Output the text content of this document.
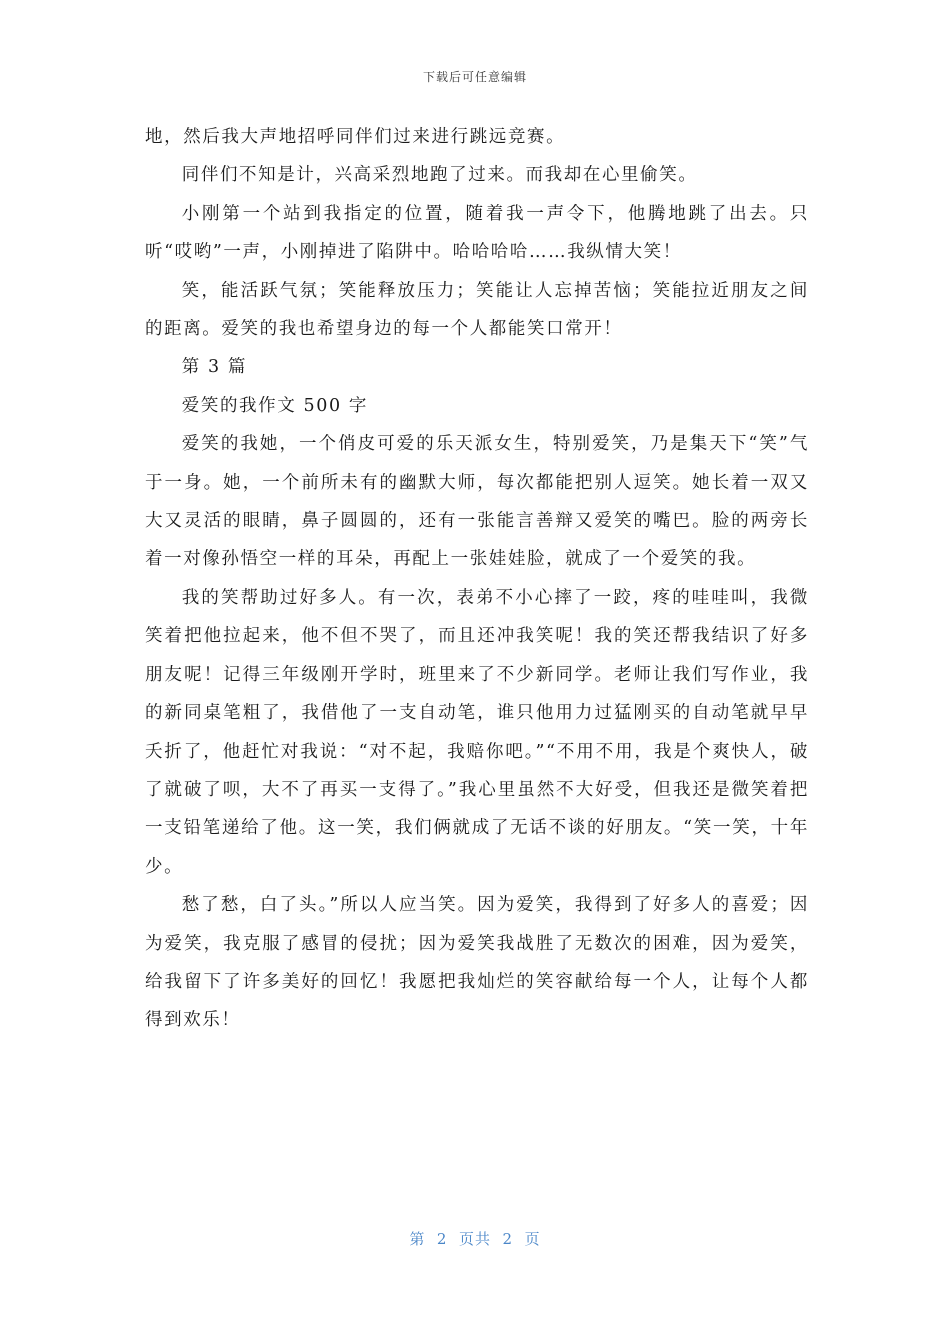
下载后可任意编辑

地，然后我大声地招呼同伴们过来进行跳远竞赛。

同伴们不知是计，兴高采烈地跑了过来。而我却在心里偷笑。

小刚第一个站到我指定的位置，随着我一声令下，他腾地跳了出去。只听“哎哟”一声，小刚掉进了陷阱中。哈哈哈哈……我纵情大笑！

笑，能活跃气氛；笑能释放压力；笑能让人忘掉苦恼；笑能拉近朋友之间的距离。爱笑的我也希望身边的每一个人都能笑口常开！

第 3 篇

爱笑的我作文 500 字

爱笑的我她，一个俏皮可爱的乐天派女生，特别爱笑，乃是集天下“笑”气于一身。她，一个前所未有的幽默大师，每次都能把别人逗笑。她长着一双又大又灵活的眼睛，鼻子圆圆的，还有一张能言善辩又爱笑的嘴巴。脸的两旁长着一对像孙悟空一样的耳朵，再配上一张娃娃脸，就成了一个爱笑的我。

我的笑帮助过好多人。有一次，表弟不小心摔了一跤，疼的哇哇叫，我微笑着把他拉起来，他不但不哭了，而且还冲我笑呢！我的笑还帮我结识了好多朋友呢！记得三年级刚开学时，班里来了不少新同学。老师让我们写作业，我的新同桌笔粗了，我借他了一支自动笔，谁只他用力过猛刚买的自动笔就早早夭折了，他赶忙对我说：“对不起，我赔你吧。”“不用不用，我是个爽快人，破了就破了呗，大不了再买一支得了。”我心里虽然不大好受，但我还是微笑着把一支铅笔递给了他。这一笑，我们俩就成了无话不谈的好朋友。“笑一笑，十年少。

愁了愁，白了头。”所以人应当笑。因为爱笑，我得到了好多人的喜爱；因为爱笑，我克服了感冒的侵扰；因为爱笑我战胜了无数次的困难，因为爱笑，给我留下了许多美好的回忆！我愿把我灿烂的笑容献给每一个人，让每个人都得到欢乐！

第  2  页共  2  页
